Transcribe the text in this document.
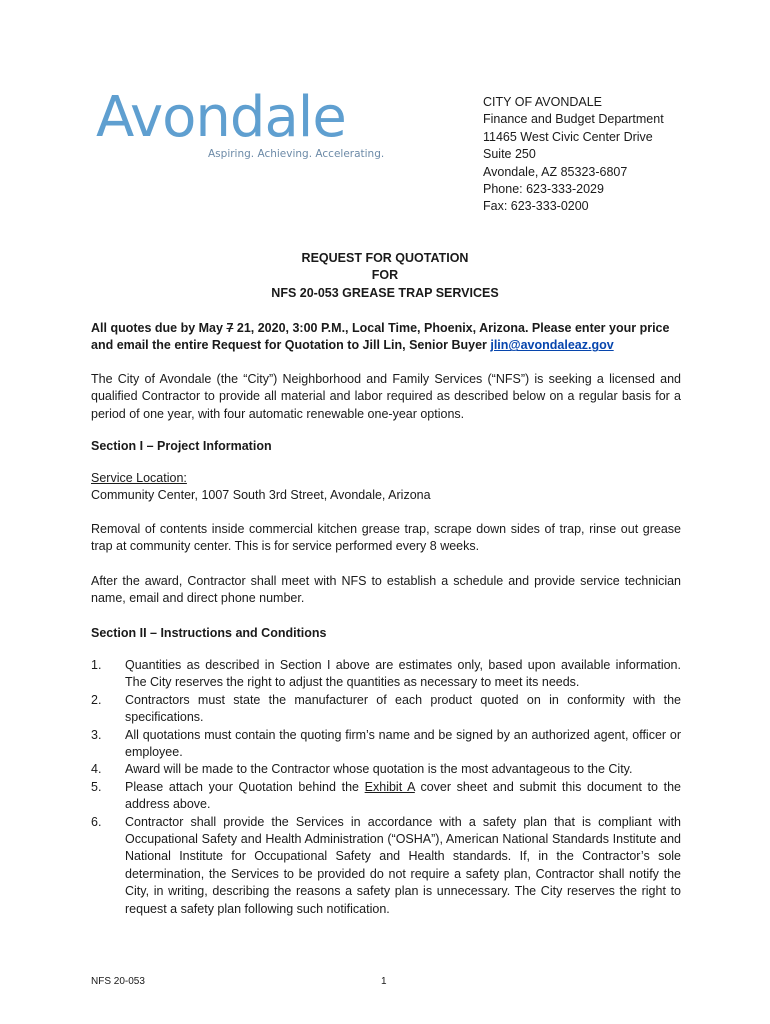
Avondale
Aspiring. Achieving. Accelerating.
CITY OF AVONDALE
Finance and Budget Department
11465 West Civic Center Drive
Suite 250
Avondale, AZ 85323-6807
Phone: 623-333-2029
Fax: 623-333-0200
REQUEST FOR QUOTATION
FOR
NFS 20-053 GREASE TRAP SERVICES
All quotes due by May 7 21, 2020, 3:00 P.M., Local Time, Phoenix, Arizona. Please enter your price and email the entire Request for Quotation to Jill Lin, Senior Buyer jlin@avondaleaz.gov
The City of Avondale (the “City”) Neighborhood and Family Services (“NFS”) is seeking a licensed and qualified Contractor to provide all material and labor required as described below on a regular basis for a period of one year, with four automatic renewable one-year options.
Section I – Project Information
Service Location:
Community Center, 1007 South 3rd Street, Avondale, Arizona
Removal of contents inside commercial kitchen grease trap, scrape down sides of trap, rinse out grease trap at community center. This is for service performed every 8 weeks.
After the award, Contractor shall meet with NFS to establish a schedule and provide service technician name, email and direct phone number.
Section II – Instructions and Conditions
1. Quantities as described in Section I above are estimates only, based upon available information. The City reserves the right to adjust the quantities as necessary to meet its needs.
2. Contractors must state the manufacturer of each product quoted on in conformity with the specifications.
3. All quotations must contain the quoting firm’s name and be signed by an authorized agent, officer or employee.
4. Award will be made to the Contractor whose quotation is the most advantageous to the City.
5. Please attach your Quotation behind the Exhibit A cover sheet and submit this document to the address above.
6. Contractor shall provide the Services in accordance with a safety plan that is compliant with Occupational Safety and Health Administration (“OSHA”), American National Standards Institute and National Institute for Occupational Safety and Health standards. If, in the Contractor’s sole determination, the Services to be provided do not require a safety plan, Contractor shall notify the City, in writing, describing the reasons a safety plan is unnecessary. The City reserves the right to request a safety plan following such notification.
NFS 20-053	1
